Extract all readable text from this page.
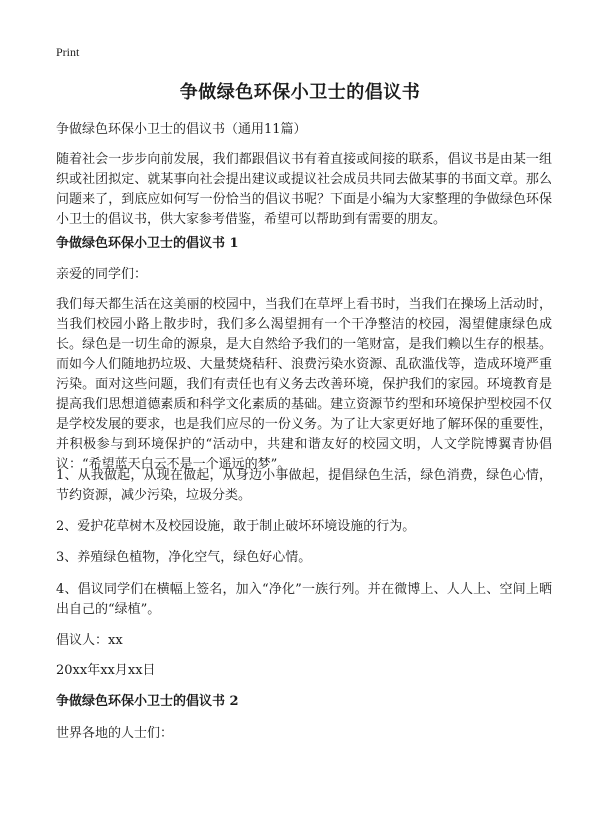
Print
争做绿色环保小卫士的倡议书
争做绿色环保小卫士的倡议书（通用11篇）
随着社会一步步向前发展，我们都跟倡议书有着直接或间接的联系，倡议书是由某一组织或社团拟定、就某事向社会提出建议或提议社会成员共同去做某事的书面文章。那么问题来了，到底应如何写一份恰当的倡议书呢？下面是小编为大家整理的争做绿色环保小卫士的倡议书，供大家参考借鉴，希望可以帮助到有需要的朋友。
争做绿色环保小卫士的倡议书 1
亲爱的同学们：
我们每天都生活在这美丽的校园中，当我们在草坪上看书时，当我们在操场上活动时，当我们校园小路上散步时，我们多么渴望拥有一个干净整洁的校园，渴望健康绿色成长。绿色是一切生命的源泉，是大自然给予我们的一笔财富，是我们赖以生存的根基。而如今人们随地扔垃圾、大量焚烧秸秆、浪费污染水资源、乱砍滥伐等，造成环境严重污染。面对这些问题，我们有责任也有义务去改善环境，保护我们的家园。环境教育是提高我们思想道德素质和科学文化素质的基础。建立资源节约型和环境保护型校园不仅是学校发展的要求，也是我们应尽的一份义务。为了让大家更好地了解环保的重要性，并积极参与到环境保护的“活动中，共建和谐友好的校园文明，人文学院博翼青协倡议：“希望蓝天白云不是一个遥远的梦”。
1、从我做起，从现在做起，从身边小事做起，提倡绿色生活，绿色消费，绿色心情，节约资源，减少污染，垃圾分类。
2、爱护花草树木及校园设施，敢于制止破坏环境设施的行为。
3、养殖绿色植物，净化空气，绿色好心情。
4、倡议同学们在横幅上签名，加入“净化”一族行列。并在微博上、人人上、空间上晒出自己的“绿植”。
倡议人：xx
20xx年xx月xx日
争做绿色环保小卫士的倡议书 2
世界各地的人士们：
